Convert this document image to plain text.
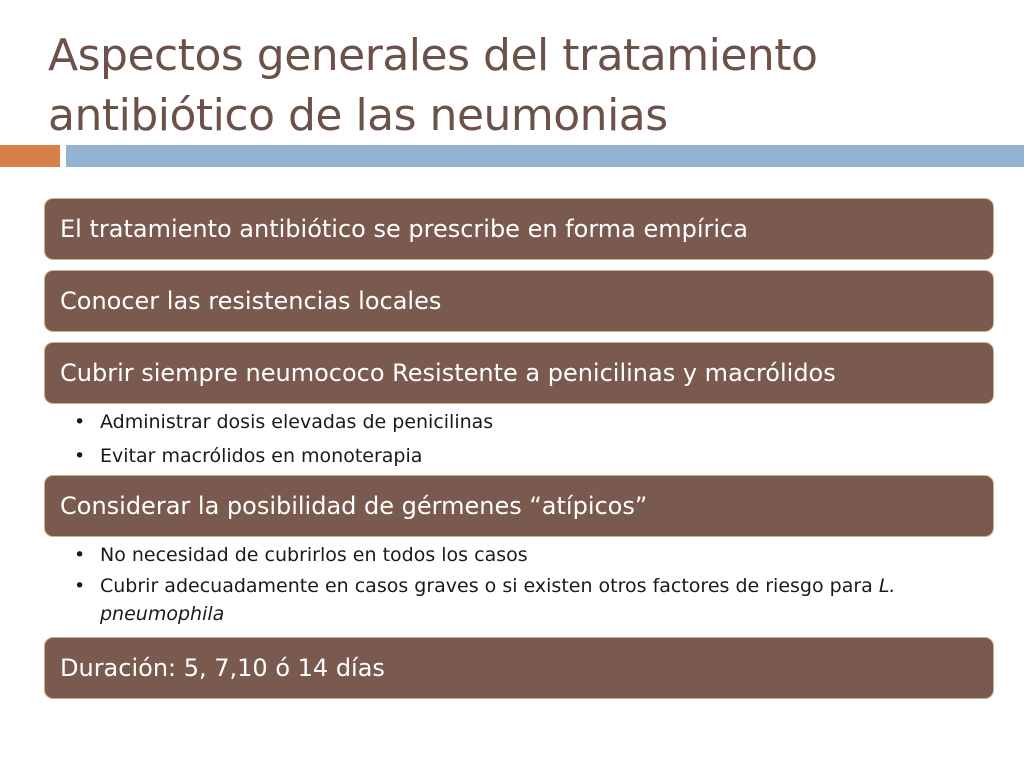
Aspectos generales del tratamiento antibiótico de las neumonias
El tratamiento antibiótico se prescribe en forma empírica
Conocer las resistencias locales
Cubrir siempre neumococo Resistente a penicilinas y macrólidos
• Administrar dosis elevadas de penicilinas
• Evitar macrólidos en monoterapia
Considerar la posibilidad de gérmenes “atípicos”
• No necesidad de cubrirlos en todos los casos
• Cubrir adecuadamente en casos graves o si existen otros factores de riesgo para L. pneumophila
Duración: 5, 7,10 ó 14 días
